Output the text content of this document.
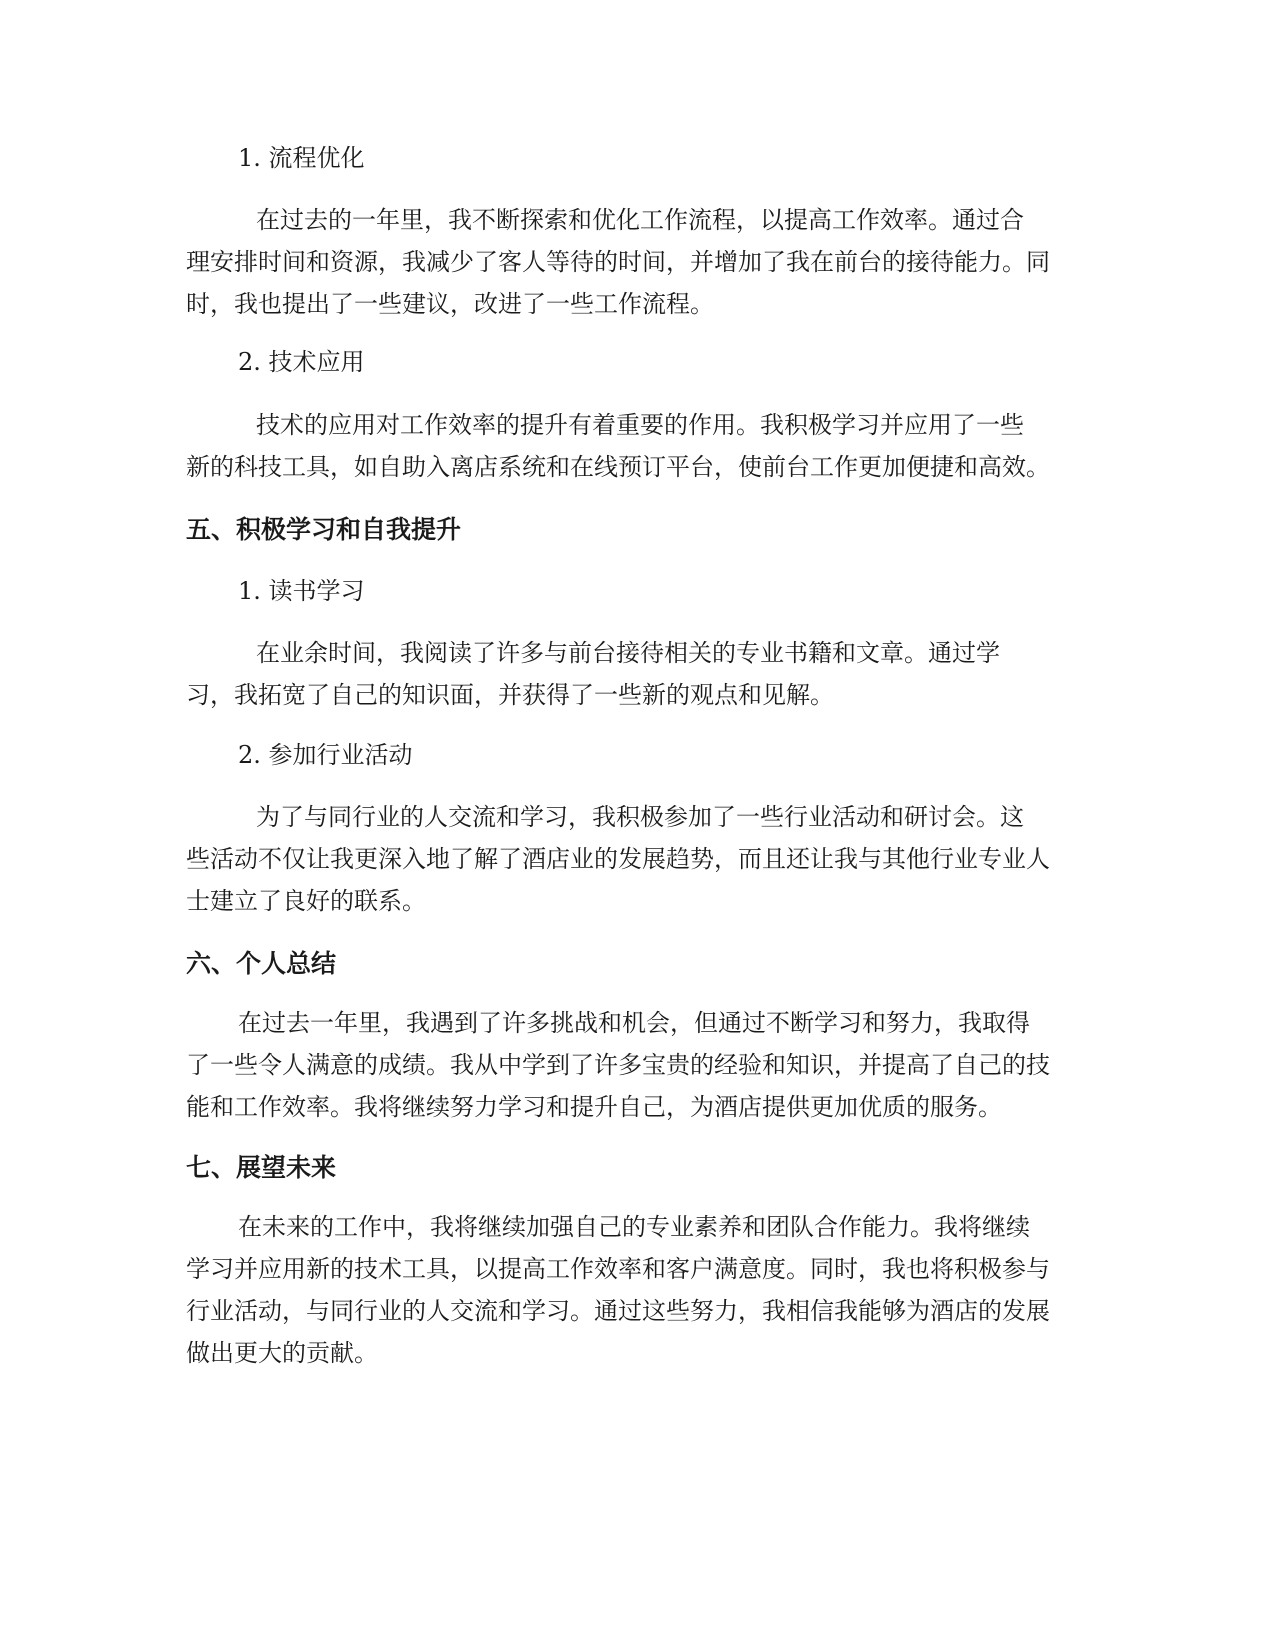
1. 流程优化

在过去的一年里，我不断探索和优化工作流程，以提高工作效率。通过合
理安排时间和资源，我减少了客人等待的时间，并增加了我在前台的接待能力。同
时，我也提出了一些建议，改进了一些工作流程。

2. 技术应用

技术的应用对工作效率的提升有着重要的作用。我积极学习并应用了一些
新的科技工具，如自助入离店系统和在线预订平台，使前台工作更加便捷和高效。

五、积极学习和自我提升

1. 读书学习

在业余时间，我阅读了许多与前台接待相关的专业书籍和文章。通过学
习，我拓宽了自己的知识面，并获得了一些新的观点和见解。

2. 参加行业活动

为了与同行业的人交流和学习，我积极参加了一些行业活动和研讨会。这
些活动不仅让我更深入地了解了酒店业的发展趋势，而且还让我与其他行业专业人
士建立了良好的联系。

六、个人总结

在过去一年里，我遇到了许多挑战和机会，但通过不断学习和努力，我取得
了一些令人满意的成绩。我从中学到了许多宝贵的经验和知识，并提高了自己的技
能和工作效率。我将继续努力学习和提升自己，为酒店提供更加优质的服务。

七、展望未来

在未来的工作中，我将继续加强自己的专业素养和团队合作能力。我将继续
学习并应用新的技术工具，以提高工作效率和客户满意度。同时，我也将积极参与
行业活动，与同行业的人交流和学习。通过这些努力，我相信我能够为酒店的发展
做出更大的贡献。
